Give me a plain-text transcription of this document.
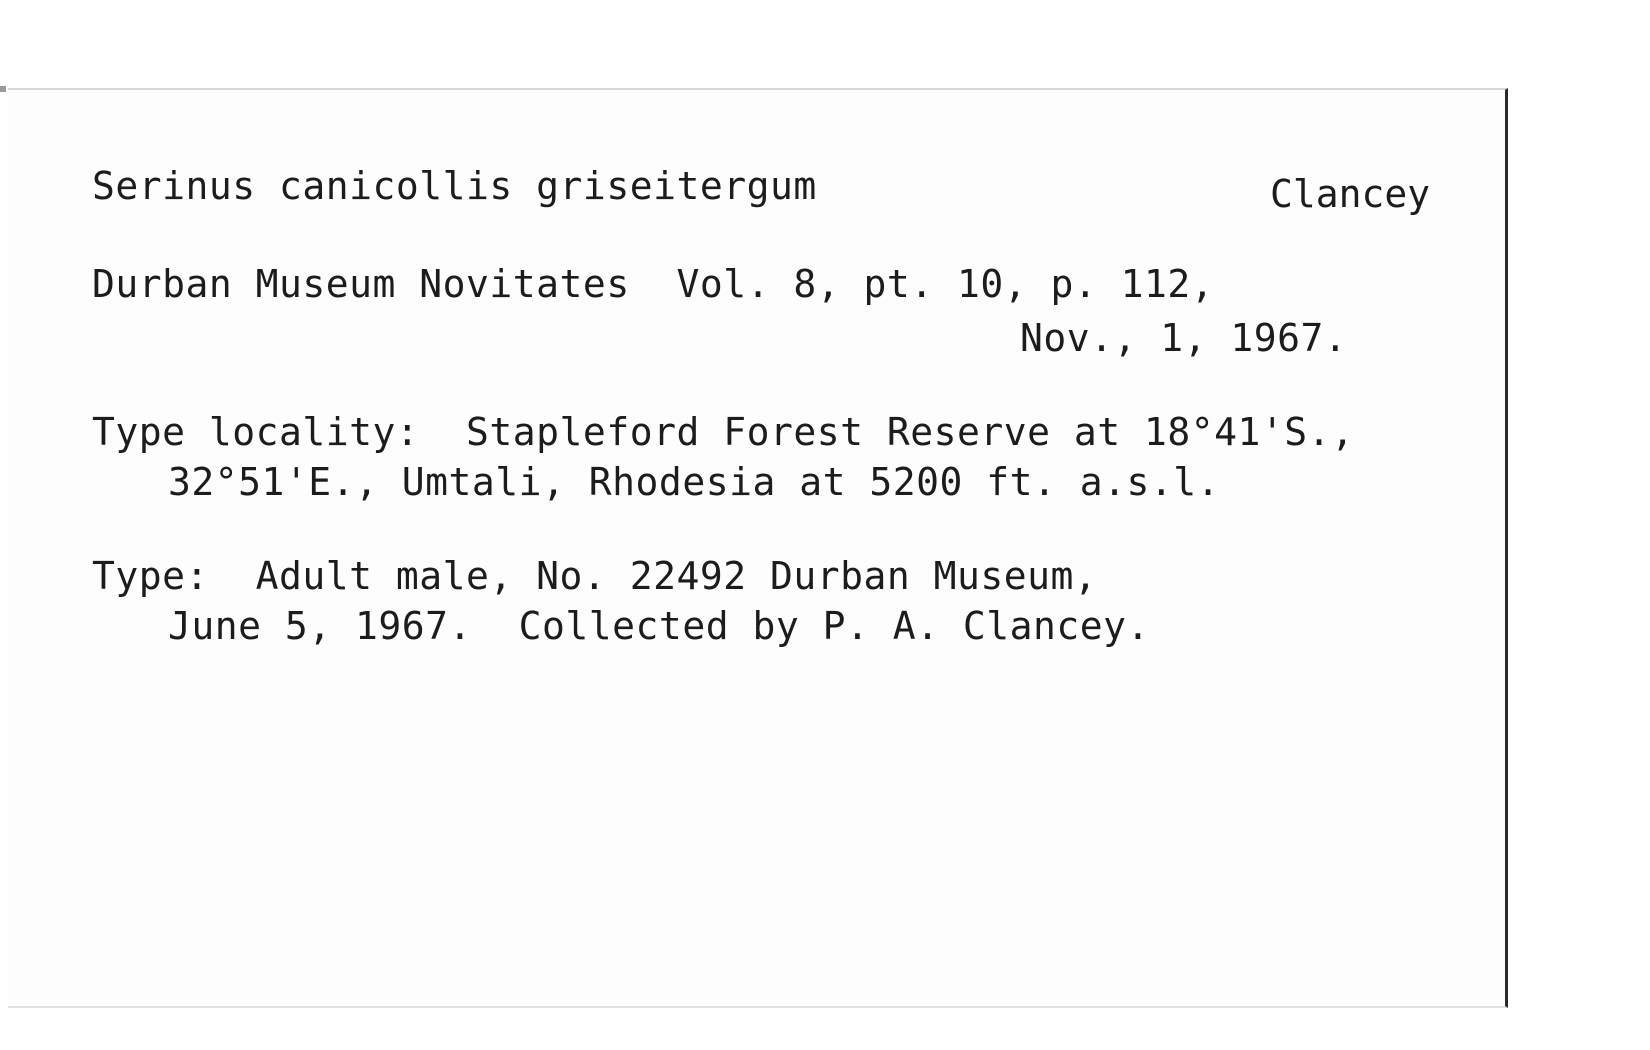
Serinus canicollis griseitergum	Clancey

Durban Museum Novitates  Vol. 8, pt. 10, p. 112,

Nov., 1, 1967.

Type locality:  Stapleford Forest Reserve at 18°41'S.,

32°51'E., Umtali, Rhodesia at 5200 ft. a.s.l.

Type:  Adult male, No. 22492 Durban Museum,

June 5, 1967.  Collected by P. A. Clancey.
